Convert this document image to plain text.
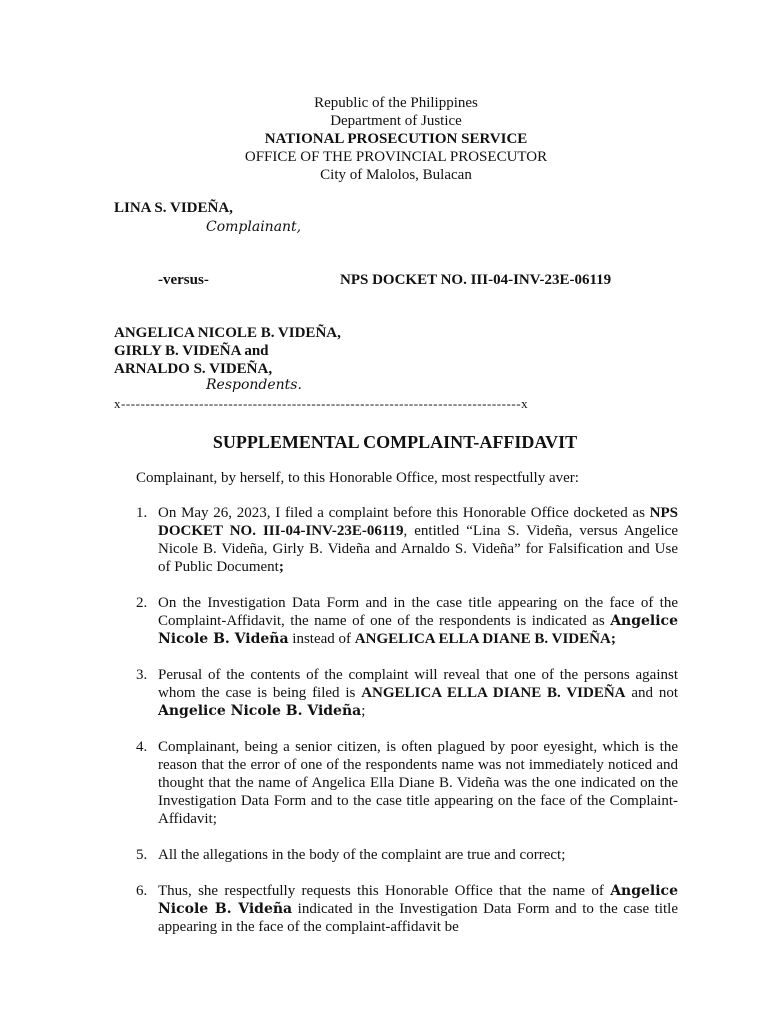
Republic of the Philippines
Department of Justice
NATIONAL PROSECUTION SERVICE
OFFICE OF THE PROVINCIAL PROSECUTOR
City of Malolos, Bulacan
LINA S. VIDEÑA,
Complainant,
-versus-	NPS DOCKET NO. III-04-INV-23E-06119
ANGELICA NICOLE B. VIDEÑA,
GIRLY B. VIDEÑA and
ARNALDO S. VIDEÑA,
Respondents.
x----------------------------------------------------------------------------------x
SUPPLEMENTAL COMPLAINT-AFFIDAVIT
Complainant, by herself, to this Honorable Office, most respectfully aver:
1. On May 26, 2023, I filed a complaint before this Honorable Office docketed as NPS DOCKET NO. III-04-INV-23E-06119, entitled “Lina S. Videña, versus Angelice Nicole B. Videña, Girly B. Videña and Arnaldo S. Videña” for Falsification and Use of Public Document;
2. On the Investigation Data Form and in the case title appearing on the face of the Complaint-Affidavit, the name of one of the respondents is indicated as Angelice Nicole B. Videña instead of ANGELICA ELLA DIANE B. VIDEÑA;
3. Perusal of the contents of the complaint will reveal that one of the persons against whom the case is being filed is ANGELICA ELLA DIANE B. VIDEÑA and not Angelice Nicole B. Videña;
4. Complainant, being a senior citizen, is often plagued by poor eyesight, which is the reason that the error of one of the respondents name was not immediately noticed and thought that the name of Angelica Ella Diane B. Videña was the one indicated on the Investigation Data Form and to the case title appearing on the face of the Complaint-Affidavit;
5. All the allegations in the body of the complaint are true and correct;
6. Thus, she respectfully requests this Honorable Office that the name of Angelice Nicole B. Videña indicated in the Investigation Data Form and to the case title appearing in the face of the complaint-affidavit be
